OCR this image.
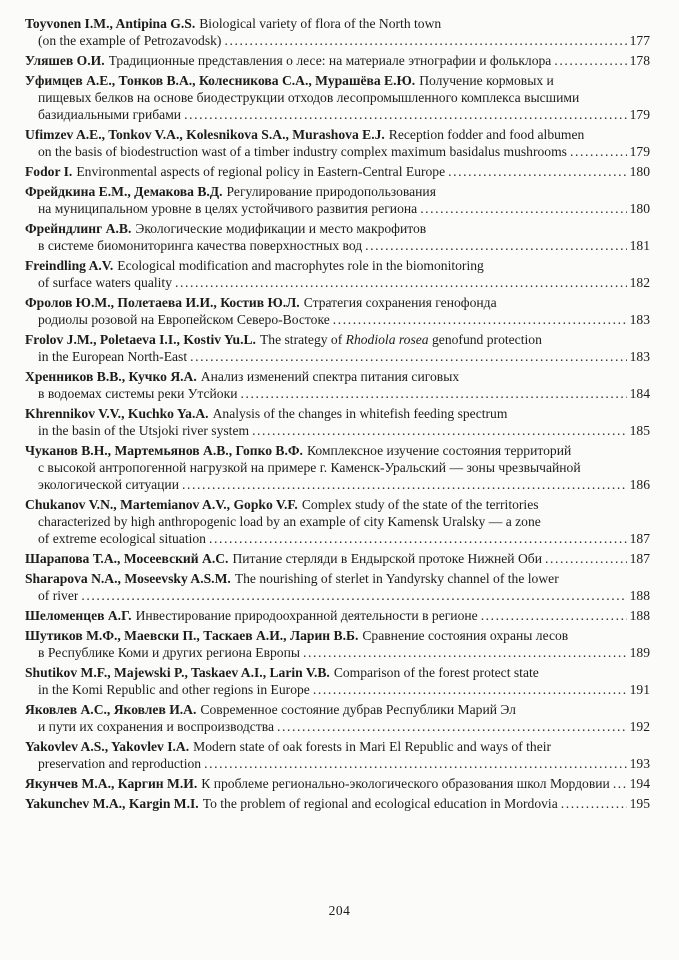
Toyvonen I.M., Antipina G.S. Biological variety of flora of the North town
(on the example of Petrozavodsk) .....	177
Уляшев О.И. Традиционные представления о лесе: на материале этнографии и фольклора .....	178
Уфимцев А.Е., Тонков В.А., Колесникова С.А., Мурашёва Е.Ю. Получение кормовых и
пищевых белков на основе биодеструкции отходов лесопромышленного комплекса высшими
базидиальными грибами .....	179
Ufimzev A.E., Tonkov V.A., Kolesnikova S.A., Murashova E.J. Reception fodder and food albumen
on the basis of biodestruction wast of a timber industry complex maximum basidalus mushrooms .....	179
Fodor I. Environmental aspects of regional policy in Eastern-Central Europe .....	180
Фрейдкина Е.М., Демакова В.Д. Регулирование природопользования
на муниципальном уровне в целях устойчивого развития региона .....	180
Фрейндлинг А.В. Экологические модификации и место макрофитов
в системе биомониторинга качества поверхностных вод .....	181
Freindling A.V. Ecological modification and macrophytes role in the biomonitoring
of surface waters quality .....	182
Фролов Ю.М., Полетаева И.И., Костив Ю.Л. Стратегия сохранения генофонда
родиолы розовой на Европейском Северо-Востоке .....	183
Frolov J.M., Poletaeva I.I., Kostiv Yu.L. The strategy of Rhodiola rosea genofund protection
in the European North-East .....	183
Хренников В.В., Кучко Я.А. Анализ изменений спектра питания сиговых
в водоемах системы реки Утсйоки .....	184
Khrennikov V.V., Kuchko Ya.A. Analysis of the changes in whitefish feeding spectrum
in the basin of the Utsjoki river system .....	185
Чуканов В.Н., Мартемьянов А.В., Гопко В.Ф. Комплексное изучение состояния территорий
с высокой антропогенной нагрузкой на примере г. Каменск-Уральский — зоны чрезвычайной
экологической ситуации .....	186
Chukanov V.N., Martemianov A.V., Gopko V.F. Complex study of the state of the territories
characterized by high anthropogenic load by an example of city Kamensk Uralsky — a zone
of extreme ecological situation .....	187
Шарапова Т.А., Мосеевский А.С. Питание стерляди в Ендырской протоке Нижней Оби .....	187
Sharapova N.A., Moseevsky A.S.M. The nourishing of sterlet in Yandyrsky channel of the lower
of river .....	188
Шеломенцев А.Г. Инвестирование природоохранной деятельности в регионе .....	188
Шутиков М.Ф., Маевски П., Таскаев А.И., Ларин В.Б. Сравнение состояния охраны лесов
в Республике Коми и других региона Европы .....	189
Shutikov M.F., Majewski P., Taskaev A.I., Larin V.B. Comparison of the forest protect state
in the Komi Republic and other regions in Europe .....	191
Яковлев А.С., Яковлев И.А. Современное состояние дубрав Республики Марий Эл
и пути их сохранения и воспроизводства .....	192
Yakovlev A.S., Yakovlev I.A. Modern state of oak forests in Mari El Republic and ways of their
preservation and reproduction .....	193
Якунчев М.А., Каргин М.И. К проблеме регионально-экологического образования школ Мордовии ..... 194
Yakunchev M.A., Kargin M.I. To the problem of regional and ecological education in Mordovia .....	195
204
